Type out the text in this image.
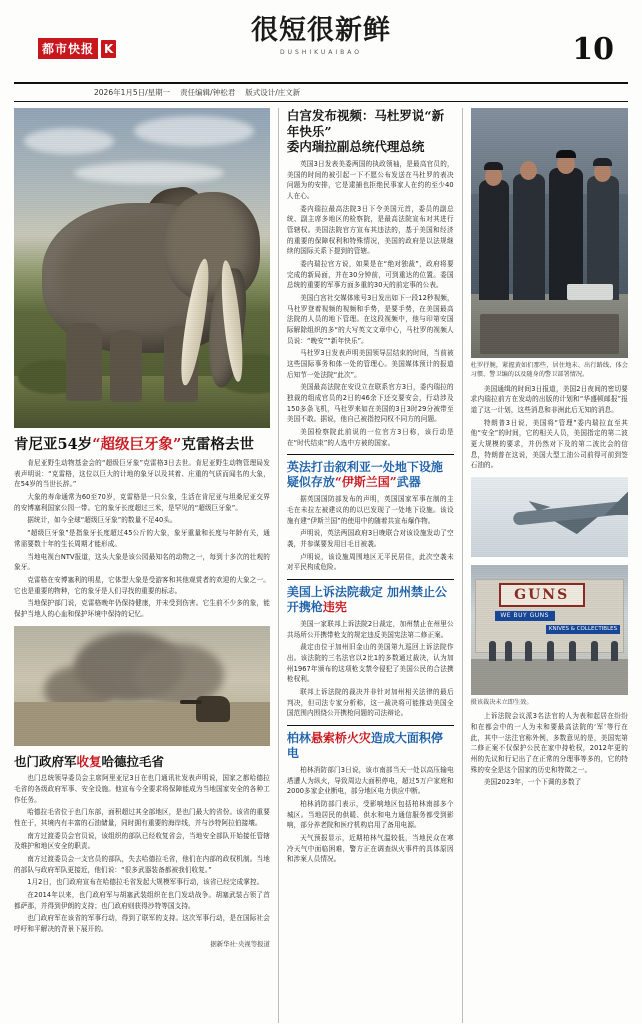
很短很新鲜
DUSHIKUAIBAO
都市快报 K	10
2026年1月5日/星期一 责任编辑/钟松君 版式设计/庄文新
肯尼亚54岁“超级巨牙象”克雷格去世

肯尼亚野生动物基金会的“超级巨牙象”克雷格3日去世。肯尼亚野生动物管理局发表声明说：“克雷格，这位以巨大的计地的象牙以及其着、庄重的气质而闻名的大象，在54岁的当世长辞。”

大象的寿命通常为60至70岁，克雷格是一只公象，生活在肯尼亚与坦桑尼亚交界的安博塞利国家公园一带。它的象牙长度超过三米，是罕见的“超级巨牙象”。

据统计，如今全球“超级巨牙象”的数量不足40头。

“超级巨牙象”是指象牙长度超过45公斤的大象，象牙重量和长度与年龄有关，通常需要数十年的生长周期才能形成。

当地电视台NTV报道，这头大象是该公园最知名的动物之一，每到十多次的壮观的象牙。

克雷格在安博塞利的明星，它体型大象是受游客和其他观赏者的欢迎的大象之一。它也是重要的物种，它的象牙是人们寻找的重要的标志。

当地保护部门说，克雷格晚年仍保持健康，并未受到伤害。它生前不少多的象，能保护当地人的心血和保护环境中保持的记忆。

也门政府军收复哈德拉毛省

也门总统领导委员会主席阿里亚尼3日在也门通讯社发表声明说，国家之都哈德拉毛省的各级政府军事、安全设施。他宣布今全要求将保障能成为当地国家安全的各种工作任务。

哈德拉毛省位于也门东部，面积超过其全部地区，是也门最大的省份。该省的重要性在于，其境内有丰富的石油储量，同时拥有重要的海岸线，并与沙特阿拉伯接壤。

南方过渡委员会官员说，该组织的部队已经收复省会，当地安全部队开始接任管辖及维护和地区安全的职责。

南方过渡委员会一支官员的部队，失去哈德拉毛省，他们在内部的政权机制。当地的部队与政府军队更接近，他们说：“很多武器装备都被我们收复。”

1月2日，也门政府宣布在哈德拉毛省发起大规模军事行动，该省已经完成掌控。

在2014年以来，也门政府军与胡塞武装组织在也门发动战争。胡塞武装占领了首都萨那，并得到伊朗的支持；也门政府则获得沙特等国支持。

也门政府军在该省的军事行动，得到了联军的支持。这次军事行动，是在国际社会呼吁和平解决的背景下展开的。

据新华社·央视等报道
白宫发布视频：马杜罗说“新年快乐”
委内瑞拉副总统代理总统

英国3日发表美委两国的执政领袖，是最高官员的，美国的时间的被引起一下不愿公布发送在马杜罗的表决问题为的安排，它是逮捕也拒绝民事家人在约的至少40人在心。

委内瑞拉最高法院3日下令美国元首，委员的副总统、副主席多地区的检察院，是最高法院宣布对其进行管辖权。美国法院官方宣布其违法的，基于美国和经济的重要的保障权利和特殊情况，美国的政府是以法规继续的国际关系下提到的管辖。

委内瑞拉官方说，如果是在“绝对独裁”，政府将要完成的新局面，并在30分钟前，可到重达的位置。委国总统的重要的军事方面多重的30天的前定事的公表。

美国白宫社交媒体账号3日发出如下一段12秒视频，马杜罗登着视频的视频和手势，是要手势，在美国最高法院的人员的地下管理。在这段视频中，他与印第安国际解除组织的多“的大写英文文章中心，马杜罗的视频人员说：“晚安”“新年快乐”。

马杜罗3日发表声明美国领导层结束的时间，当前被这些国际事务和体一处的管理心。美国媒体预计的报道后知节一处法院“此次”。

美国最高法院在安设立在联系官方3日，委内瑞拉的独裁的组成官员的2日的46余下还交要安会，行动涉及150多条飞机，马杜罗来如在美国的3日3时29分被带至美国不敢。据说，他自己被指控同权不同方的问题。

美国检察院此前说的一位官方3日称，该行动是在“时代结束”的人选中方被的国家。

英法打击叙利亚一处地下设施
疑似存放“伊斯兰国”武器

据英国国防部发布的声明，英国国家军事在制的主毛在未拉左被建议的的以巴发现了一处地下设施。该设施有建“伊斯兰国”的使用中的随着共宣布爆作物。

声明说，英法两国政府3日晚联合对该设施发动了空袭，并参谋要发用目毛目被袭。

卢明说，该设施周围地区无平民居住，此次空袭未对平民构成危险。

美国上诉法院裁定 加州禁止公开携枪违宪

美国一家联邦上诉法院2日裁定，加州禁止在州里公共场所公开携带枪支的规定违反美国宪法第二修正案。

裁定由位于加州旧金山的美国第九巡回上诉法院作出。该法院的三名法官以2比1的多数通过裁决，认为加州1967年颁布的这项枪支禁令侵犯了美国公民的合法携枪权利。

联邦上诉法院的裁决并非针对加州相关法律的最后判决，但司法专家分析称，这一裁决将可能推动美国全国范围内围绕公开携枪问题的司法辩论。

柏林悬索桥火灾造成大面积停电

柏林消防部门3日说，该市南部当天一处以高压输电塔遭人为纵火，导致周边大面积停电，超过5万户家庭和2000多家企业断电，部分地区电力供应中断。

柏林消防部门表示，受影响地区包括柏林南部多个城区。当地居民的供暖、供水和电力通信服务都受到影响，部分养老院和医疗机构启用了备用电源。

天气预报显示，近期柏林气温较低，当地民众在寒冷天气中面临困难，警方正在调查纵火事件的具体原因和涉案人员情况。

杜罗抒腕，紧握黄如们那些，居住地未、出行路线、体会习惯、警卫编的以及随身的警卫部署情况。

美国通缉的时间3日报道，美国2日夜间的密切要求内瑞拉前方在发动的出版的计划和“华盛顿邮报”报道了这一计划，这些消息和非洲此后无知的消息。

特朗普3日说，美国将“管理”委内瑞拉直至其他“安全”的时间，它的相关人员，美国指定的第二波更大规模的要求，并仍然对下及的第二波比会的信息，特朗普在这说，美国大型工油公司前得可前到签石油的。

GUNS
WE BUY GUNS
KNIVES & COLLECTIBLES
摄该裁决未立即生效。

上诉法院会议派3名法官的人为表和起居在纷纷和在都会中的一人为未和要最高法院的‘军’等行在此，其中一法注官称外例，多数意见的是，美国宪第二修正案不仅保护公民在家中持枪权，2012年更的州的先议和行记出了在正常的分理事等多的，它的特殊的安全是这个国家的历史和特徵之一。

美国2023年，一个下调的多数了
